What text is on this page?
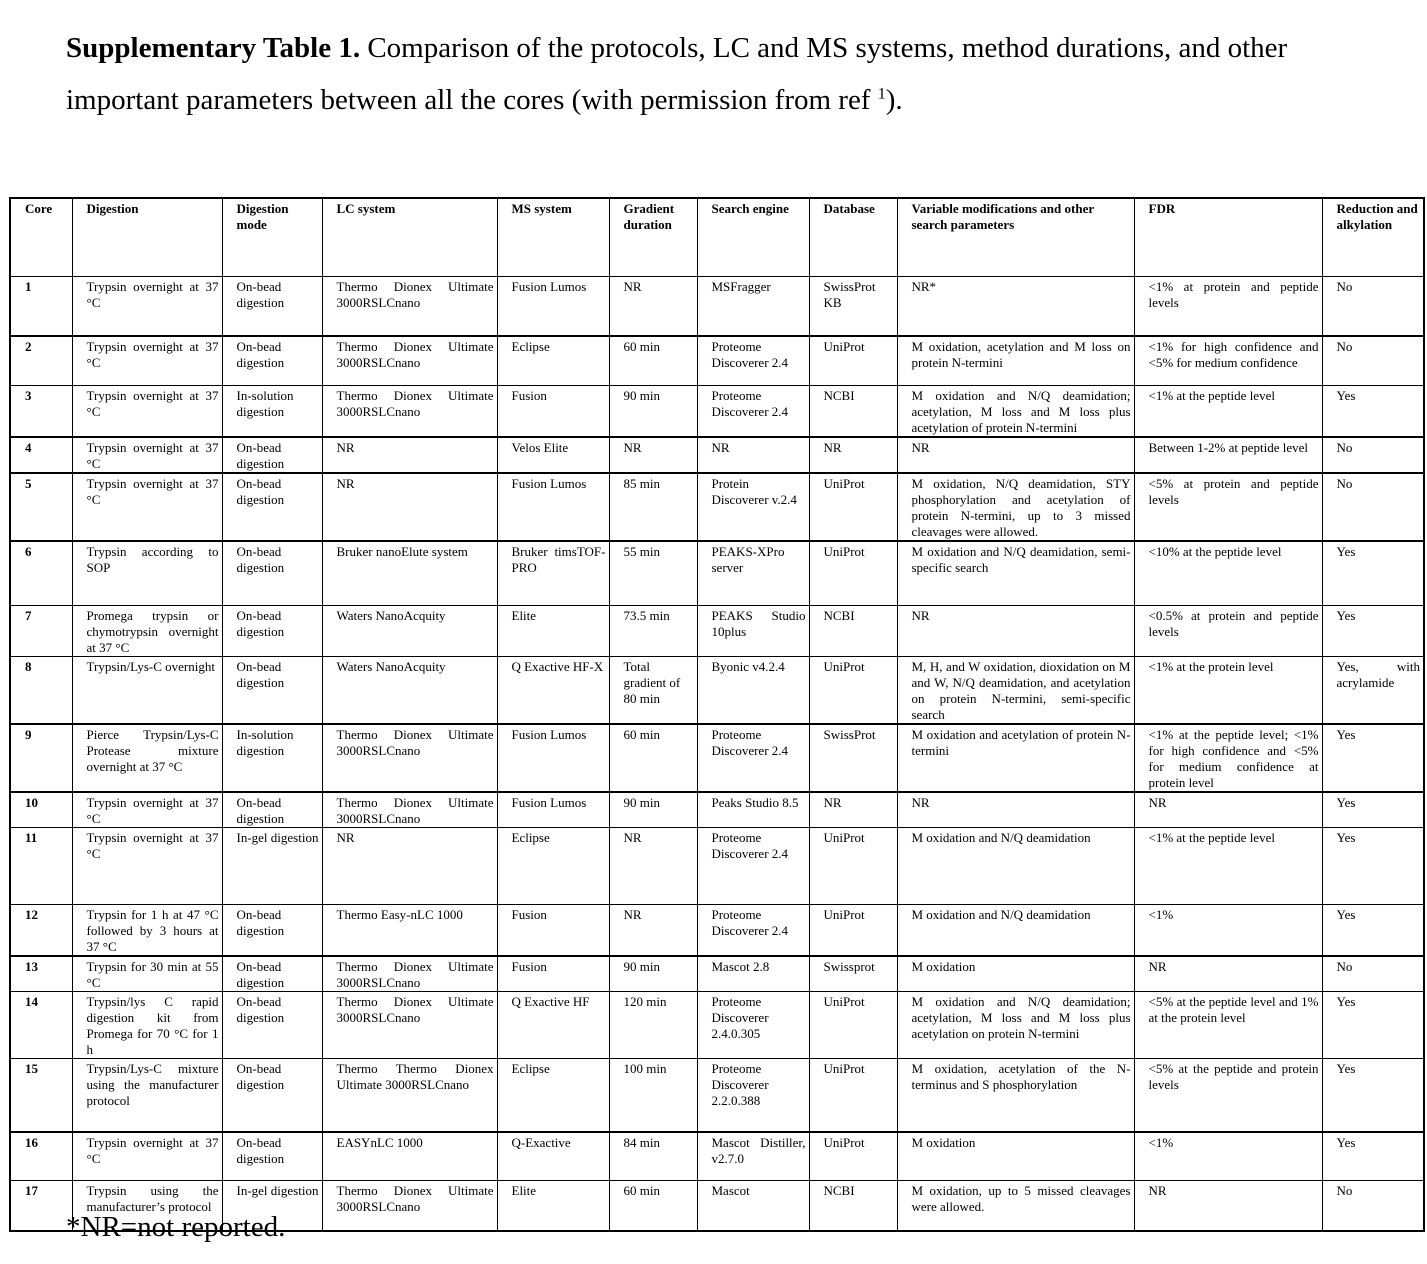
Supplementary Table 1. Comparison of the protocols, LC and MS systems, method durations, and other important parameters between all the cores (with permission from ref $^1$).
Core	Digestion	Digestion mode	LC system	MS system	Gradient duration	Search engine	Database	Variable modifications and other search parameters	FDR	Reduction and alkylation
1	Trypsin overnight at 37 °C	On-bead digestion	Thermo Dionex Ultimate 3000RSLCnano	Fusion Lumos	NR	MSFragger	SwissProt KB	NR*	<1% at protein and peptide levels	No
2	Trypsin overnight at 37 °C	On-bead digestion	Thermo Dionex Ultimate 3000RSLCnano	Eclipse	60 min	Proteome Discoverer 2.4	UniProt	M oxidation, acetylation and M loss on protein N-termini	<1% for high confidence and <5% for medium confidence	No
3	Trypsin overnight at 37 °C	In-solution digestion	Thermo Dionex Ultimate 3000RSLCnano	Fusion	90 min	Proteome Discoverer 2.4	NCBI	M oxidation and N/Q deamidation; acetylation, M loss and M loss plus acetylation of protein N-termini	<1% at the peptide level	Yes
4	Trypsin overnight at 37 °C	On-bead digestion	NR	Velos Elite	NR	NR	NR	NR	Between 1-2% at peptide level	No
5	Trypsin overnight at 37 °C	On-bead digestion	NR	Fusion Lumos	85 min	Protein Discoverer v.2.4	UniProt	M oxidation, N/Q deamidation, STY phosphorylation and acetylation of protein N-termini, up to 3 missed cleavages were allowed.	<5% at protein and peptide levels	No
6	Trypsin according to SOP	On-bead digestion	Bruker nanoElute system	Bruker timsTOF-PRO	55 min	PEAKS-XPro server	UniProt	M oxidation and N/Q deamidation, semi-specific search	<10% at the peptide level	Yes
7	Promega trypsin or chymotrypsin overnight at 37 °C	On-bead digestion	Waters NanoAcquity	Elite	73.5 min	PEAKS Studio 10plus	NCBI	NR	<0.5% at protein and peptide levels	Yes
8	Trypsin/Lys-C overnight	On-bead digestion	Waters NanoAcquity	Q Exactive HF-X	Total gradient of 80 min	Byonic v4.2.4	UniProt	M, H, and W oxidation, dioxidation on M and W, N/Q deamidation, and acetylation on protein N-termini, semi-specific search	<1% at the protein level	Yes, with acrylamide
9	Pierce Trypsin/Lys-C Protease mixture overnight at 37 °C	In-solution digestion	Thermo Dionex Ultimate 3000RSLCnano	Fusion Lumos	60 min	Proteome Discoverer 2.4	SwissProt	M oxidation and acetylation of protein N-termini	<1% at the peptide level; <1% for high confidence and <5% for medium confidence at protein level	Yes
10	Trypsin overnight at 37 °C	On-bead digestion	Thermo Dionex Ultimate 3000RSLCnano	Fusion Lumos	90 min	Peaks Studio 8.5	NR	NR	NR	Yes
11	Trypsin overnight at 37 °C	In-gel digestion	NR	Eclipse	NR	Proteome Discoverer 2.4	UniProt	M oxidation and N/Q deamidation	<1% at the peptide level	Yes
12	Trypsin for 1 h at 47 °C followed by 3 hours at 37 °C	On-bead digestion	Thermo Easy-nLC 1000	Fusion	NR	Proteome Discoverer 2.4	UniProt	M oxidation and N/Q deamidation	<1%	Yes
13	Trypsin for 30 min at 55 °C	On-bead digestion	Thermo Dionex Ultimate 3000RSLCnano	Fusion	90 min	Mascot 2.8	Swissprot	M oxidation	NR	No
14	Trypsin/lys C rapid digestion kit from Promega for 70 °C for 1 h	On-bead digestion	Thermo Dionex Ultimate 3000RSLCnano	Q Exactive HF	120 min	Proteome Discoverer 2.4.0.305	UniProt	M oxidation and N/Q deamidation; acetylation, M loss and M loss plus acetylation on protein N-termini	<5% at the peptide level and 1% at the protein level	Yes
15	Trypsin/Lys-C mixture using the manufacturer protocol	On-bead digestion	Thermo Thermo Dionex Ultimate 3000RSLCnano	Eclipse	100 min	Proteome Discoverer 2.2.0.388	UniProt	M oxidation, acetylation of the N-terminus and S phosphorylation	<5% at the peptide and protein levels	Yes
16	Trypsin overnight at 37 °C	On-bead digestion	EASYnLC 1000	Q-Exactive	84 min	Mascot Distiller, v2.7.0	UniProt	M oxidation	<1%	Yes
17	Trypsin using the manufacturer’s protocol	In-gel digestion	Thermo Dionex Ultimate 3000RSLCnano	Elite	60 min	Mascot	NCBI	M oxidation, up to 5 missed cleavages were allowed.	NR	No
*NR=not reported.
